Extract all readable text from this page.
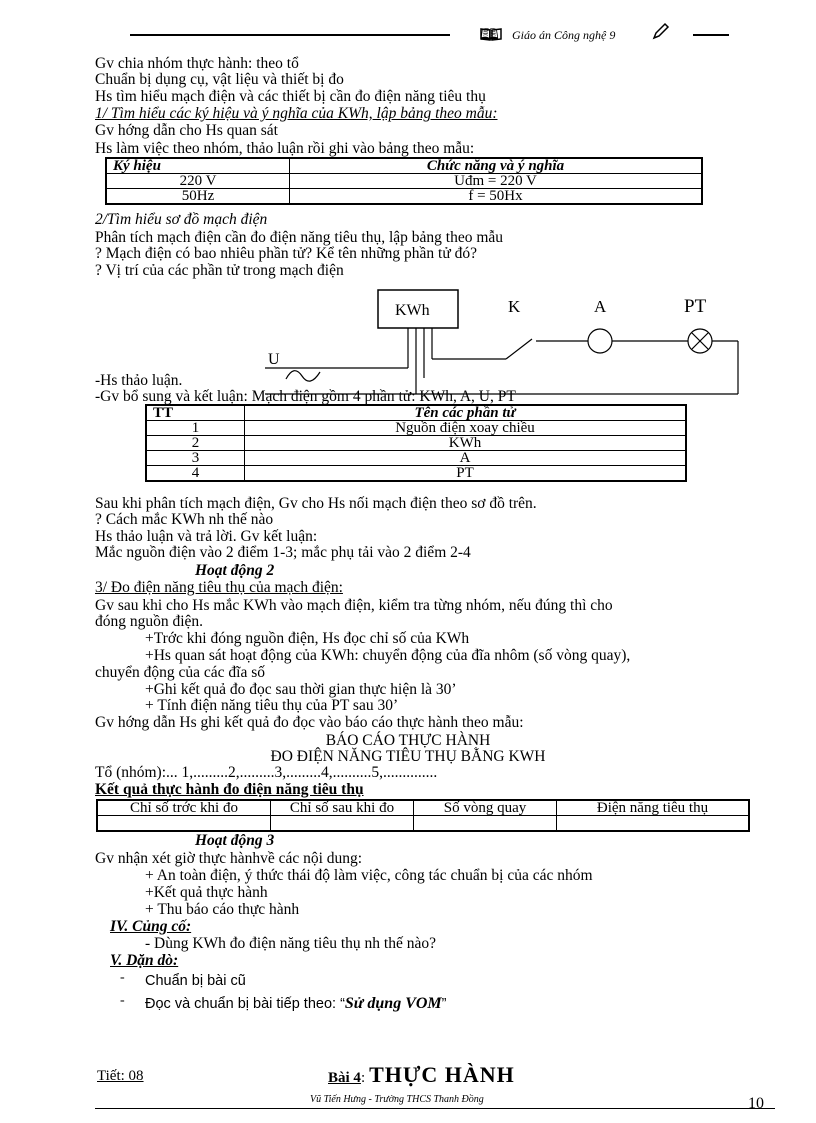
🕮 Giáo án Công nghệ 9
Gv chia nhóm thực hành: theo tổ
Chuẩn bị dụng cụ, vật liệu và thiết bị đo
Hs tìm hiểu mạch điện và các thiết bị cần đo điện năng tiêu thụ
1/ Tìm hiểu các ký hiệu và ý nghĩa của KWh, lập bảng theo mẫu:
Gv hớng dẫn cho Hs quan sát
Hs làm việc theo nhóm, thảo luận rồi ghi vào bảng theo mẫu:
Ký hiệu	Chức năng và ý nghĩa
220 V	Uđm = 220 V
50Hz	f = 50Hx
2/Tìm hiểu sơ đồ mạch điện
Phân tích mạch điện cần đo điện năng tiêu thụ, lập bảng theo mẫu
? Mạch điện có bao nhiêu phần tử? Kể tên những phần tử đó?
? Vị trí của các phần tử trong mạch điện
KWh	K	A	PT
U
-Hs thảo luận.
-Gv bổ sung và kết luận: Mạch điện gồm 4 phần tử: KWh, A, U, PT
TT	Tên các phần tử
1	Nguồn điện xoay chiều
2	KWh
3	A
4	PT
Sau khi phân tích mạch điện, Gv cho Hs nối mạch điện theo sơ đồ trên.
? Cách mắc KWh nh thế nào
Hs thảo luận và trả lời. Gv kết luận:
Mắc nguồn điện vào 2 điểm 1-3; mắc phụ tải vào 2 điểm 2-4
Hoạt động 2
3/ Đo điện năng tiêu thụ của mạch điện:
Gv sau khi cho Hs mắc KWh vào mạch điện, kiểm tra từng nhóm, nếu đúng thì cho
đóng nguồn điện.
+Trớc khi đóng nguồn điện, Hs đọc chỉ số của KWh
+Hs quan sát hoạt động của KWh: chuyển động của đĩa nhôm (số vòng quay),
chuyển động của các đĩa số
+Ghi kết quả đo đọc sau thời gian thực hiện là 30’
+ Tính điện năng tiêu thụ của PT sau 30’
Gv hớng dẫn Hs ghi kết quả đo đọc vào báo cáo thực hành theo mẫu:
BÁO CÁO THỰC HÀNH
ĐO ĐIỆN NĂNG TIÊU THỤ BẰNG KWH
Tổ (nhóm):... 1,.........2,.........3,.........4,..........5,..............
Kết quả thực hành đo điện năng tiêu thụ
Chỉ số trớc khi đo	Chỉ số sau khi đo	Số vòng quay	Điện năng tiêu thụ

Hoạt động 3
Gv nhận xét giờ thực hànhvề các nội dung:
+ An toàn điện, ý thức thái độ làm việc, công tác chuẩn bị của các nhóm
+Kết quả thực hành
+ Thu báo cáo thực hành
IV. Củng cố:
- Dùng KWh đo điện năng tiêu thụ nh thế nào?
V. Dặn dò:
- Chuẩn bị bài cũ
- Đọc và chuẩn bị bài tiếp theo: “Sử dụng VOM”
Tiết: 08	Bài 4: THỰC HÀNH
Vũ Tiến Hưng - Trường THCS Thanh Đồng	10
